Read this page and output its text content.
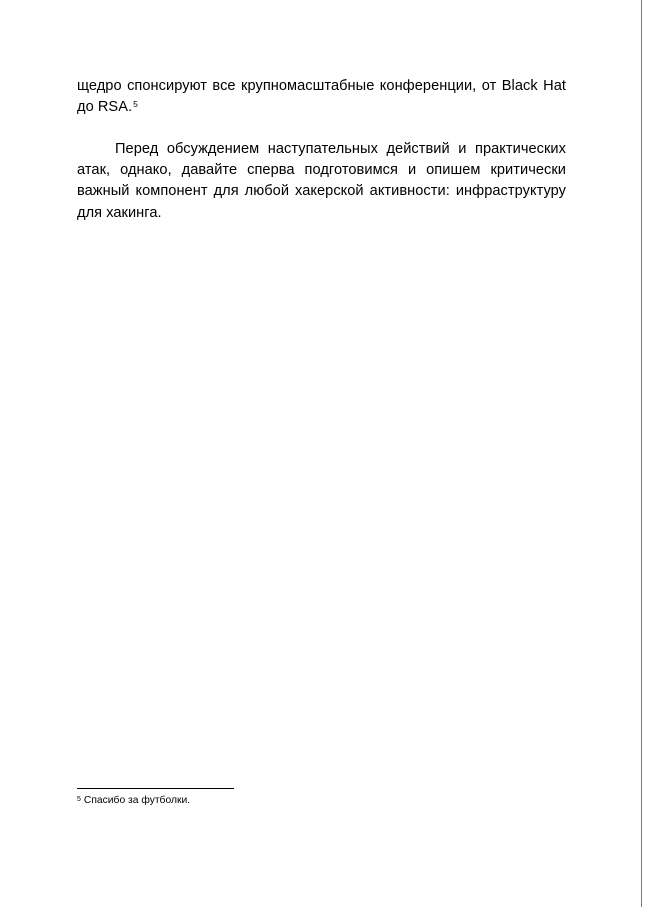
щедро спонсируют все крупномасштабные конференции, от Black Hat до RSA.$^5$

Перед обсуждением наступательных действий и практических атак, однако, давайте сперва подготовимся и опишем критически важный компонент для любой хакерской активности: инфраструктуру для хакинга.

$^5$ Спасибо за футболки.
